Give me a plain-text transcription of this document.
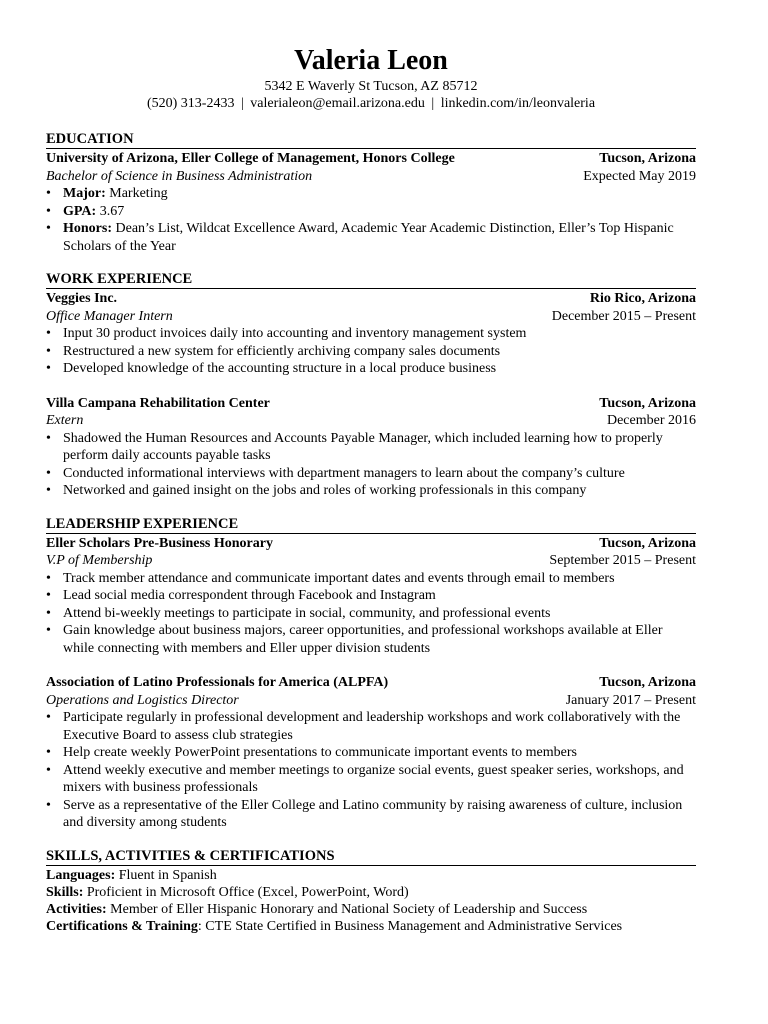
Valeria Leon
5342 E Waverly St Tucson, AZ 85712
(520) 313-2433 | valerialeon@email.arizona.edu | linkedin.com/in/leonvaleria
EDUCATION
University of Arizona, Eller College of Management, Honors College	Tucson, Arizona
Bachelor of Science in Business Administration	Expected May 2019
• Major: Marketing
• GPA: 3.67
• Honors: Dean’s List, Wildcat Excellence Award, Academic Year Academic Distinction, Eller’s Top Hispanic Scholars of the Year
WORK EXPERIENCE
Veggies Inc.	Rio Rico, Arizona
Office Manager Intern	December 2015 – Present
• Input 30 product invoices daily into accounting and inventory management system
• Restructured a new system for efficiently archiving company sales documents
• Developed knowledge of the accounting structure in a local produce business
Villa Campana Rehabilitation Center	Tucson, Arizona
Extern	December 2016
• Shadowed the Human Resources and Accounts Payable Manager, which included learning how to properly perform daily accounts payable tasks
• Conducted informational interviews with department managers to learn about the company’s culture
• Networked and gained insight on the jobs and roles of working professionals in this company
LEADERSHIP EXPERIENCE
Eller Scholars Pre-Business Honorary	Tucson, Arizona
V.P of Membership	September 2015 – Present
• Track member attendance and communicate important dates and events through email to members
• Lead social media correspondent through Facebook and Instagram
• Attend bi-weekly meetings to participate in social, community, and professional events
• Gain knowledge about business majors, career opportunities, and professional workshops available at Eller while connecting with members and Eller upper division students
Association of Latino Professionals for America (ALPFA)	Tucson, Arizona
Operations and Logistics Director	January 2017 – Present
• Participate regularly in professional development and leadership workshops and work collaboratively with the Executive Board to assess club strategies
• Help create weekly PowerPoint presentations to communicate important events to members
• Attend weekly executive and member meetings to organize social events, guest speaker series, workshops, and mixers with business professionals
• Serve as a representative of the Eller College and Latino community by raising awareness of culture, inclusion and diversity among students
SKILLS, ACTIVITIES & CERTIFICATIONS
Languages: Fluent in Spanish
Skills: Proficient in Microsoft Office (Excel, PowerPoint, Word)
Activities: Member of Eller Hispanic Honorary and National Society of Leadership and Success
Certifications & Training: CTE State Certified in Business Management and Administrative Services
